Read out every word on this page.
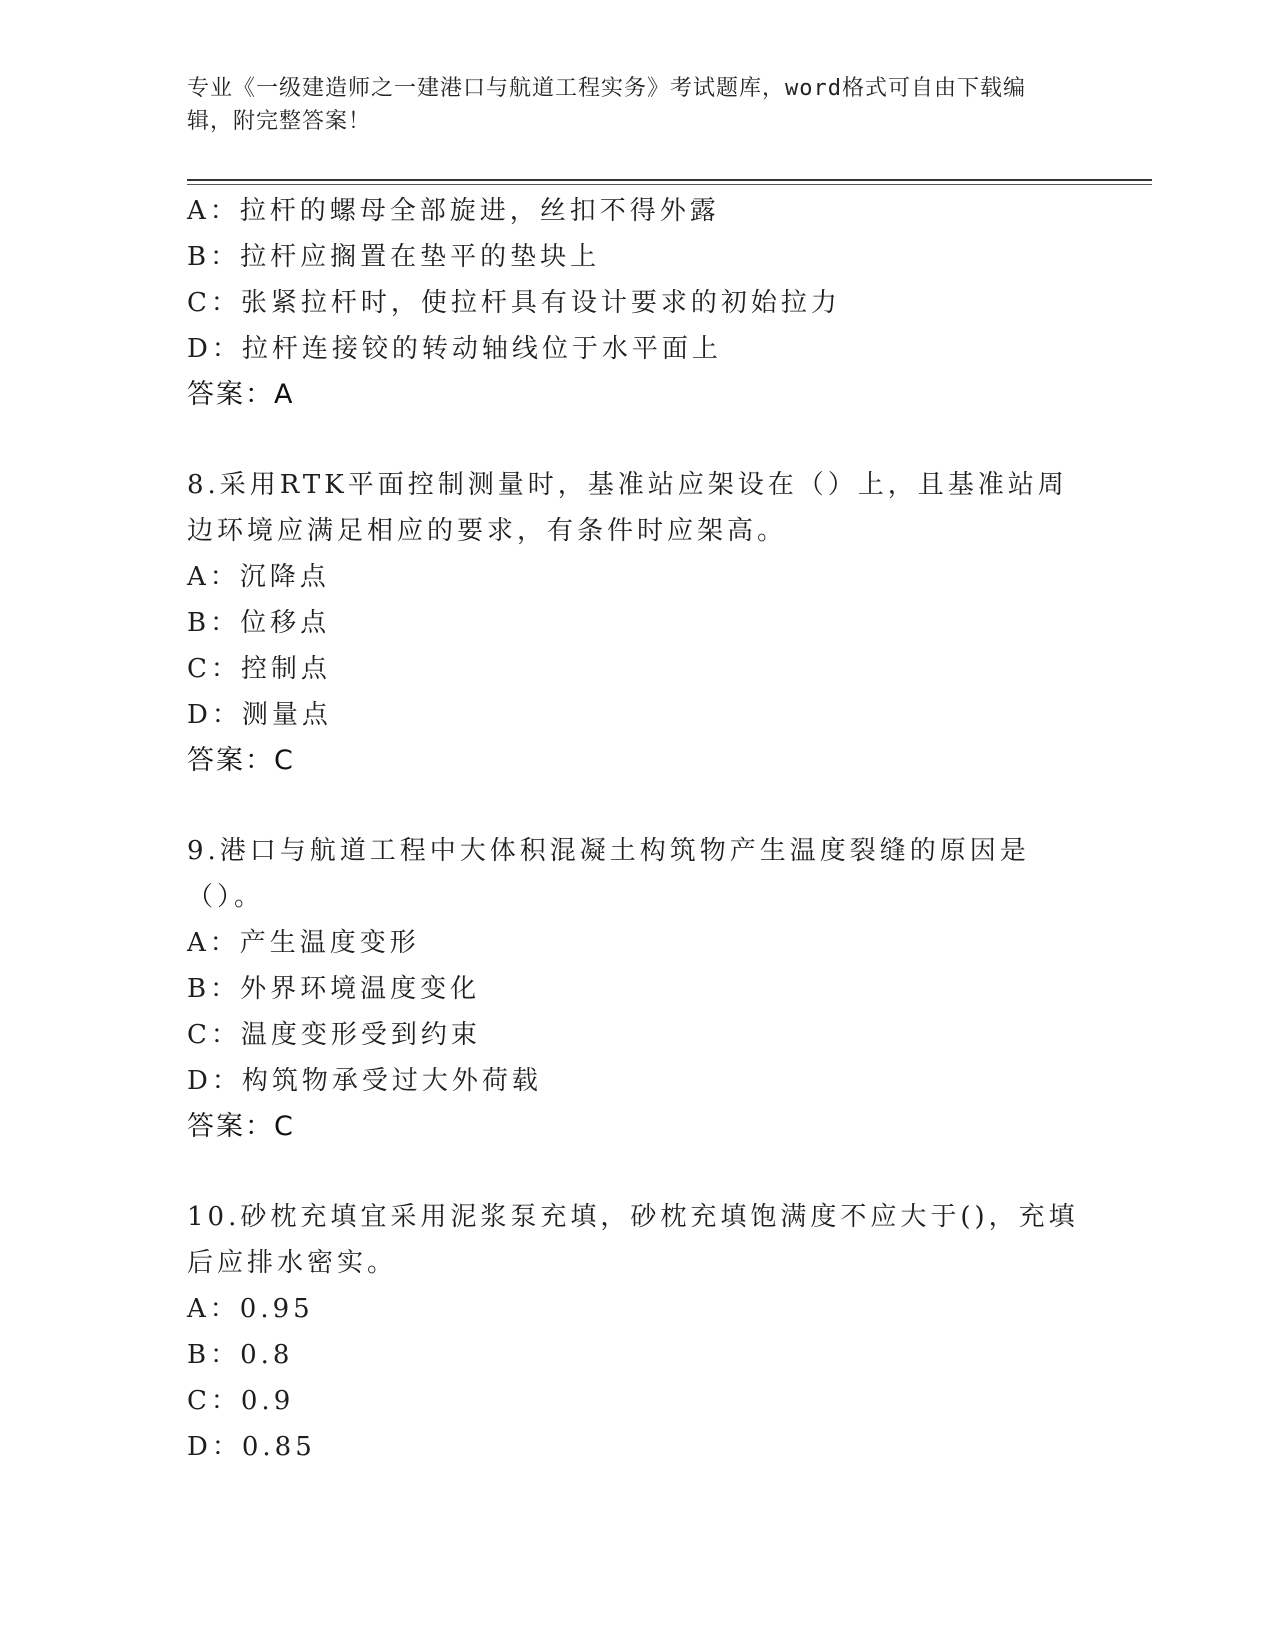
专业《一级建造师之一建港口与航道工程实务》考试题库，word格式可自由下载编辑，附完整答案！
A：拉杆的螺母全部旋进，丝扣不得外露
B：拉杆应搁置在垫平的垫块上
C：张紧拉杆时，使拉杆具有设计要求的初始拉力
D：拉杆连接铰的转动轴线位于水平面上
答案：A
8.采用RTK平面控制测量时，基准站应架设在（）上，且基准站周边环境应满足相应的要求，有条件时应架高。
A：沉降点
B：位移点
C：控制点
D：测量点
答案：C
9.港口与航道工程中大体积混凝土构筑物产生温度裂缝的原因是（）。
A：产生温度变形
B：外界环境温度变化
C：温度变形受到约束
D：构筑物承受过大外荷载
答案：C
10.砂枕充填宜采用泥浆泵充填，砂枕充填饱满度不应大于()，充填后应排水密实。
A：0.95
B：0.8
C：0.9
D：0.85
